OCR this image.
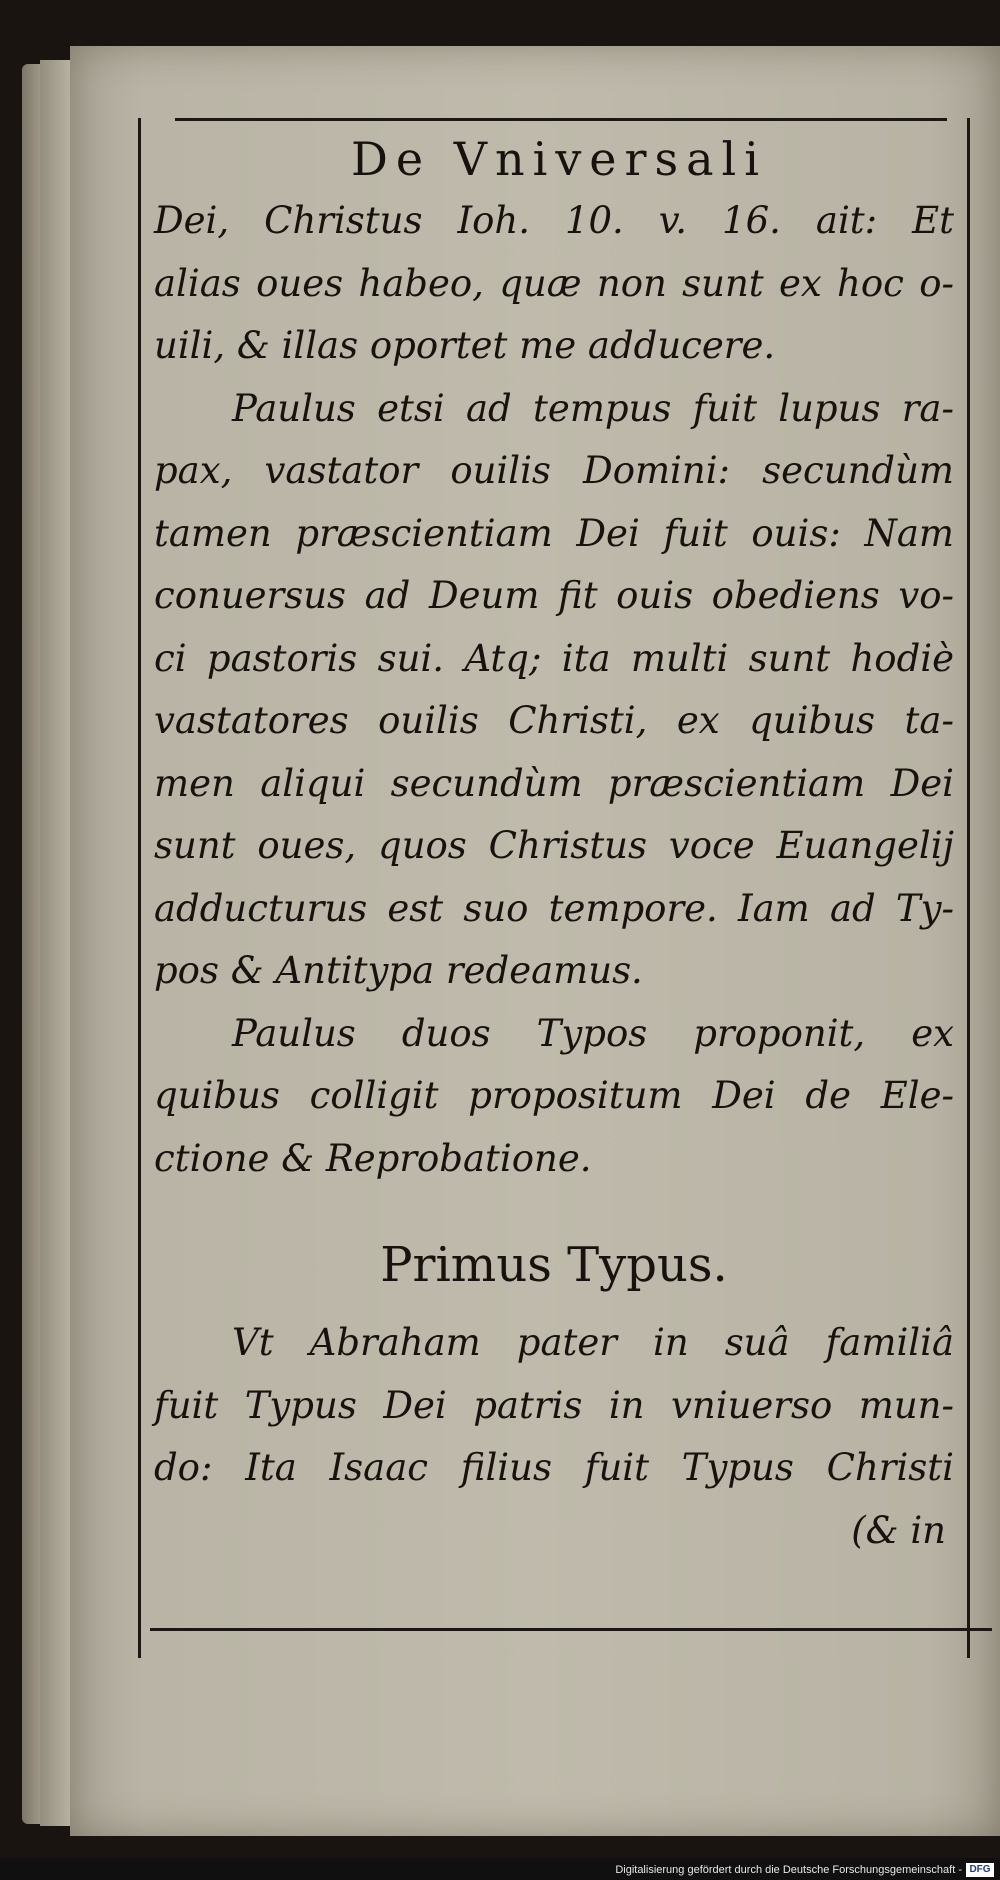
De Vniversali
Dei, Christus Ioh. 10. v. 16. ait: Et
alias oues habeo, quæ non sunt ex hoc o-
uili, & illas oportet me adducere.
Paulus etsi ad tempus fuit lupus ra-
pax, vastator ouilis Domini: secundùm
tamen præscientiam Dei fuit ouis: Nam
conuersus ad Deum fit ouis obediens vo-
ci pastoris sui. Atq; ita multi sunt hodiè
vastatores ouilis Christi, ex quibus ta-
men aliqui secundùm præscientiam Dei
sunt oues, quos Christus voce Euangelij
adducturus est suo tempore. Iam ad Ty-
pos & Antitypa redeamus.
Paulus duos Typos proponit, ex
quibus colligit propositum Dei de Ele-
ctione & Reprobatione.
Primus Typus.
Vt Abraham pater in suâ familiâ
fuit Typus Dei patris in vniuerso mun-
do: Ita Isaac filius fuit Typus Christi
(& in
Digitalisierung gefördert durch die Deutsche Forschungsgemeinschaft - DFG
